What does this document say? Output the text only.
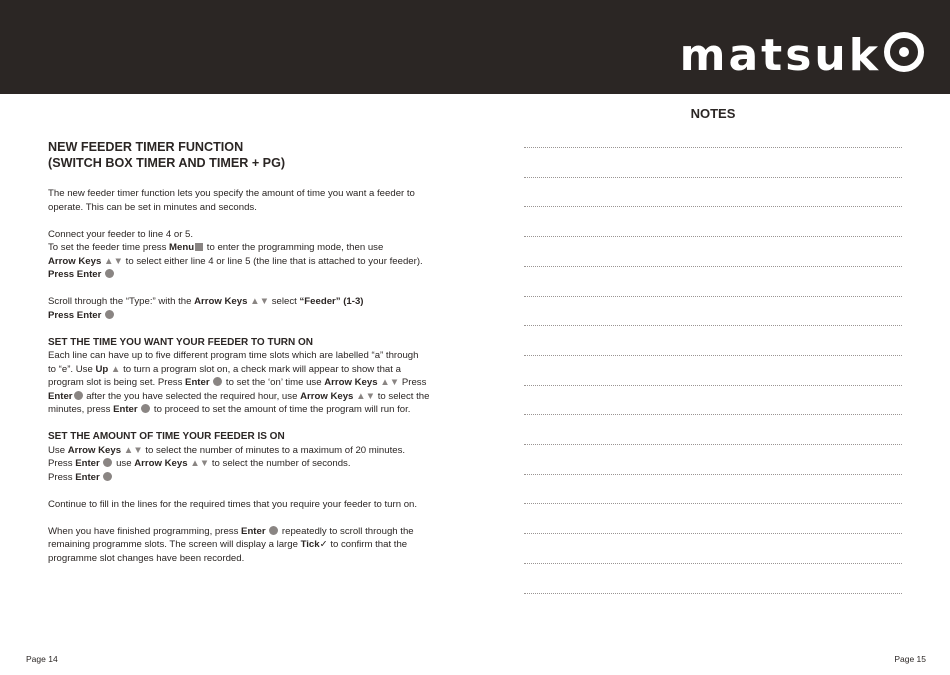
matsuk
NEW FEEDER TIMER FUNCTION
(SWITCH BOX TIMER AND TIMER + PG)

The new feeder timer function lets you specify the amount of time you want a feeder to
operate. This can be set in minutes and seconds.

Connect your feeder to line 4 or 5.
To set the feeder time press Menu to enter the programming mode, then use
Arrow Keys ▲▼ to select either line 4 or line 5 (the line that is attached to your feeder).
Press Enter

Scroll through the “Type:” with the Arrow Keys ▲▼ select “Feeder” (1-3)
Press Enter

SET THE TIME YOU WANT YOUR FEEDER TO TURN ON

Each line can have up to five different program time slots which are labelled “a” through
to “e”. Use Up ▲ to turn a program slot on, a check mark will appear to show that a
program slot is being set. Press Enter  to set the ‘on’ time use Arrow Keys ▲▼ Press
Enter after the you have selected the required hour, use Arrow Keys ▲▼ to select the
minutes, press Enter  to proceed to set the amount of time the program will run for.

SET THE AMOUNT OF TIME YOUR FEEDER IS ON

Use Arrow Keys ▲▼ to select the number of minutes to a maximum of 20 minutes.
Press Enter  use Arrow Keys ▲▼ to select the number of seconds.
Press Enter

Continue to fill in the lines for the required times that you require your feeder to turn on.

When you have finished programming, press Enter  repeatedly to scroll through the
remaining programme slots. The screen will display a large Tick✓ to confirm that the
programme slot changes have been recorded.

NOTES
Page 14	Page 15
